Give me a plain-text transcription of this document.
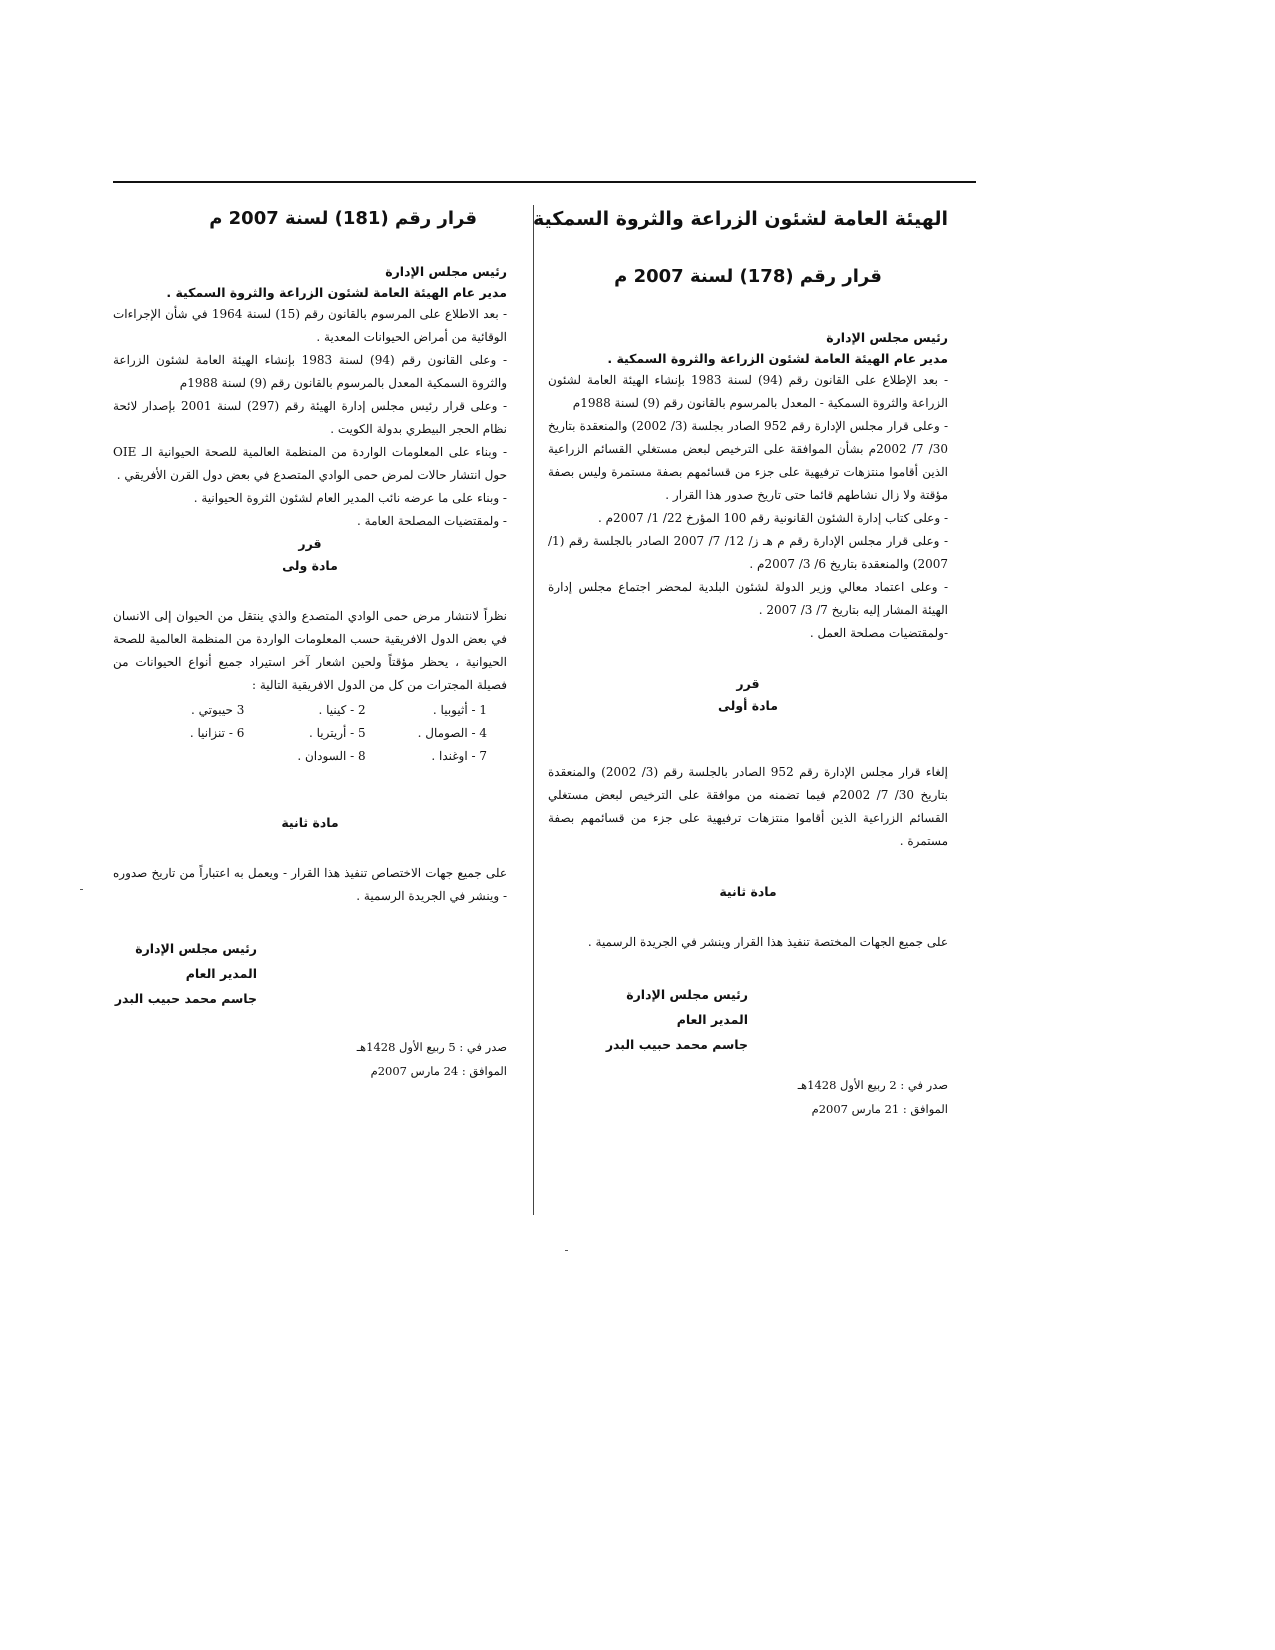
الهيئة العامة لشئون الزراعة والثروة السمكية
قرار رقم (178) لسنة 2007 م
رئيس مجلس الإدارة
مدير عام الهيئة العامة لشئون الزراعة والثروة السمكية .
- بعد الإطلاع على القانون رقم (94) لسنة 1983 بإنشاء الهيئة العامة لشئون الزراعة والثروة السمكية - المعدل بالمرسوم بالقانون رقم (9) لسنة 1988م
- وعلى قرار مجلس الإدارة رقم 952 الصادر بجلسة (3/ 2002) والمنعقدة بتاريخ 30/ 7/ 2002م بشأن الموافقة على الترخيص لبعض مستغلي القسائم الزراعية الذين أقاموا منتزهات ترفيهية على جزء من قسائمهم بصفة مستمرة وليس بصفة مؤقتة ولا زال نشاطهم قائما حتى تاريخ صدور هذا القرار .
- وعلى كتاب إدارة الشئون القانونية رقم 100 المؤرخ 22/ 1/ 2007م .
- وعلى قرار مجلس الإدارة رقم م هـ ز/ 12/ 7/ 2007 الصادر بالجلسة رقم (1/ 2007) والمنعقدة بتاريخ 6/ 3/ 2007م .
- وعلى اعتماد معالي وزير الدولة لشئون البلدية لمحضر اجتماع مجلس إدارة الهيئة المشار إليه بتاريخ 7/ 3/ 2007 .
-ولمقتضيات مصلحة العمل .
قرر
مادة أولى
إلغاء قرار مجلس الإدارة رقم 952 الصادر بالجلسة رقم (3/ 2002) والمنعقدة بتاريخ 30/ 7/ 2002م فيما تضمنه من موافقة على الترخيص لبعض مستغلي القسائم الزراعية الذين أقاموا منتزهات ترفيهية على جزء من قسائمهم بصفة مستمرة .
مادة ثانية
على جميع الجهات المختصة تنفيذ هذا القرار وينشر في الجريدة الرسمية .
رئيس مجلس الإدارة
المدير العام
جاسم محمد حبيب البدر
صدر في : 2 ربيع الأول 1428هـ
الموافق : 21 مارس 2007م
قرار رقم (181) لسنة 2007 م
رئيس مجلس الإدارة
مدير عام الهيئة العامة لشئون الزراعة والثروة السمكية .
- بعد الاطلاع على المرسوم بالقانون رقم (15) لسنة 1964 في شأن الإجراءات الوقائية من أمراض الحيوانات المعدية .
- وعلى القانون رقم (94) لسنة 1983 بإنشاء الهيئة العامة لشئون الزراعة والثروة السمكية المعدل بالمرسوم بالقانون رقم (9) لسنة 1988م
- وعلى قرار رئيس مجلس إدارة الهيئة رقم (297) لسنة 2001 بإصدار لائحة نظام الحجر البيطري بدولة الكويت .
- وبناء على المعلومات الواردة من المنظمة العالمية للصحة الحيوانية الـ OIE حول انتشار حالات لمرض حمى الوادي المتصدع في بعض دول القرن الأفريقي .
- وبناء على ما عرضه نائب المدير العام لشئون الثروة الحيوانية .
- ولمقتضيات المصلحة العامة .
قرر
مادة ولى
نظراً لانتشار مرض حمى الوادي المتصدع والذي ينتقل من الحيوان إلى الانسان في بعض الدول الافريقية حسب المعلومات الواردة من المنظمة العالمية للصحة الحيوانية ، يحظر مؤقتاً ولحين اشعار آخر استيراد جميع أنواع الحيوانات من فصيلة المجترات من كل من الدول الافريقية التالية :
1 - أثيوبيا .
2 - كينيا .
3 حيبوتي .
4 - الصومال .
5 - أريتريا .
6 - تنزانيا .
7 - اوغندا .
8 - السودان .
مادة ثانية
على جميع جهات الاختصاص تنفيذ هذا القرار - ويعمل به اعتباراً من تاريخ صدوره - وينشر في الجريدة الرسمية .
رئيس مجلس الإدارة
المدير العام
جاسم محمد حبيب البدر
صدر في : 5 ربيع الأول 1428هـ
الموافق : 24 مارس 2007م
